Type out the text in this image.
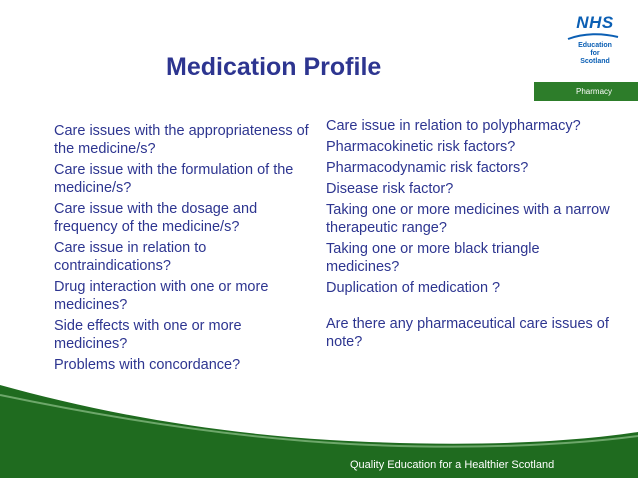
Medication Profile
NHS
Education
for
Scotland
Pharmacy

Care issues with the appropriateness of the medicine/s?

Care issue with the formulation of the medicine/s?

Care issue with the dosage and frequency of the medicine/s?

Care issue in relation to contraindications?

Drug interaction with one or more medicines?

Side effects with one or more medicines?

Problems with concordance?

Care issue in relation to polypharmacy?

Pharmacokinetic risk factors?

Pharmacodynamic risk factors?

Disease risk factor?

Taking one or more medicines with a narrow therapeutic range?

Taking one or more black triangle medicines?

Duplication of medication ?

Are there any pharmaceutical care issues of note?

Quality Education for a Healthier Scotland
